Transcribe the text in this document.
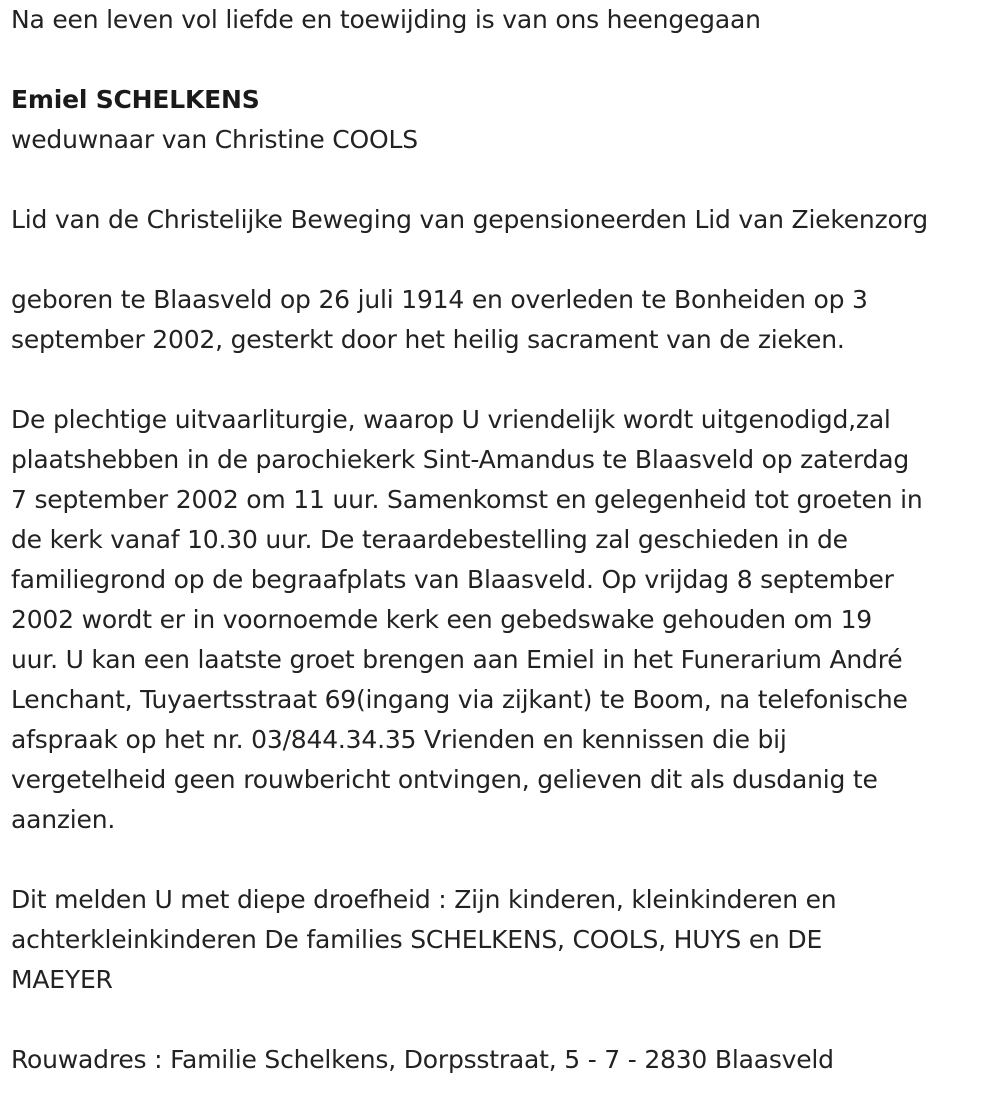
Na een leven vol liefde en toewijding is van ons heengegaan

Emiel SCHELKENS

weduwnaar van Christine COOLS

Lid van de Christelijke Beweging van gepensioneerden Lid van Ziekenzorg

geboren te Blaasveld op 26 juli 1914 en overleden te Bonheiden op 3 september 2002, gesterkt door het heilig sacrament van de zieken.

De plechtige uitvaarliturgie, waarop U vriendelijk wordt uitgenodigd,zal

plaatshebben in de parochiekerk Sint-Amandus te Blaasveld op zaterdag

7 september 2002 om 11 uur. Samenkomst en gelegenheid tot groeten in

de kerk vanaf 10.30 uur. De teraardebestelling zal geschieden in de

familiegrond op de begraafplats van Blaasveld. Op vrijdag 8 september

2002 wordt er in voornoemde kerk een gebedswake gehouden om 19

uur. U kan een laatste groet brengen aan Emiel in het Funerarium André

Lenchant, Tuyaertsstraat 69(ingang via zijkant) te Boom, na telefonische

afspraak op het nr. 03/844.34.35 Vrienden en kennissen die bij

vergetelheid geen rouwbericht ontvingen, gelieven dit als dusdanig te

aanzien.

Dit melden U met diepe droefheid : Zijn kinderen, kleinkinderen en

achterkleinkinderen De families SCHELKENS, COOLS, HUYS en DE

MAEYER

Rouwadres : Familie Schelkens, Dorpsstraat, 5 - 7 - 2830 Blaasveld
